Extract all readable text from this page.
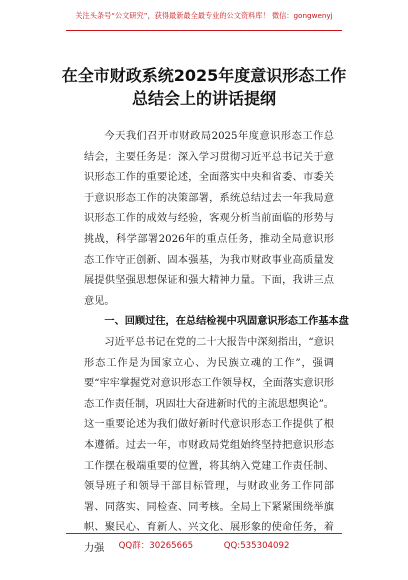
关注头条号“公文研究”，获得最新最全最专业的公文资料库！ 微信：gongwenyj
在全市财政系统2025年度意识形态工作
总结会上的讲话提纲

今天我们召开市财政局2025年度意识形态工作总结会，主要任务是：深入学习贯彻习近平总书记关于意识形态工作的重要论述，全面落实中央和省委、市委关于意识形态工作的决策部署，系统总结过去一年我局意识形态工作的成效与经验，客观分析当前面临的形势与挑战，科学部署2026年的重点任务，推动全局意识形态工作守正创新、固本强基，为我市财政事业高质量发展提供坚强思想保证和强大精神力量。下面，我讲三点意见。

一、回顾过往，在总结检视中巩固意识形态工作基本盘

习近平总书记在党的二十大报告中深刻指出，“意识形态工作是为国家立心、为民族立魂的工作”，强调要“牢牢掌握党对意识形态工作领导权，全面落实意识形态工作责任制，巩固壮大奋进新时代的主流思想舆论”。这一重要论述为我们做好新时代意识形态工作提供了根本遵循。过去一年，市财政局党组始终坚持把意识形态工作摆在极端重要的位置，将其纳入党建工作责任制、领导班子和领导干部目标管理，与财政业务工作同部署、同落实、同检查、同考核。全局上下紧紧围绕举旗帜、聚民心、育新人、兴文化、展形象的使命任务，着力强	QQ群：30265665	QQ:535304092
